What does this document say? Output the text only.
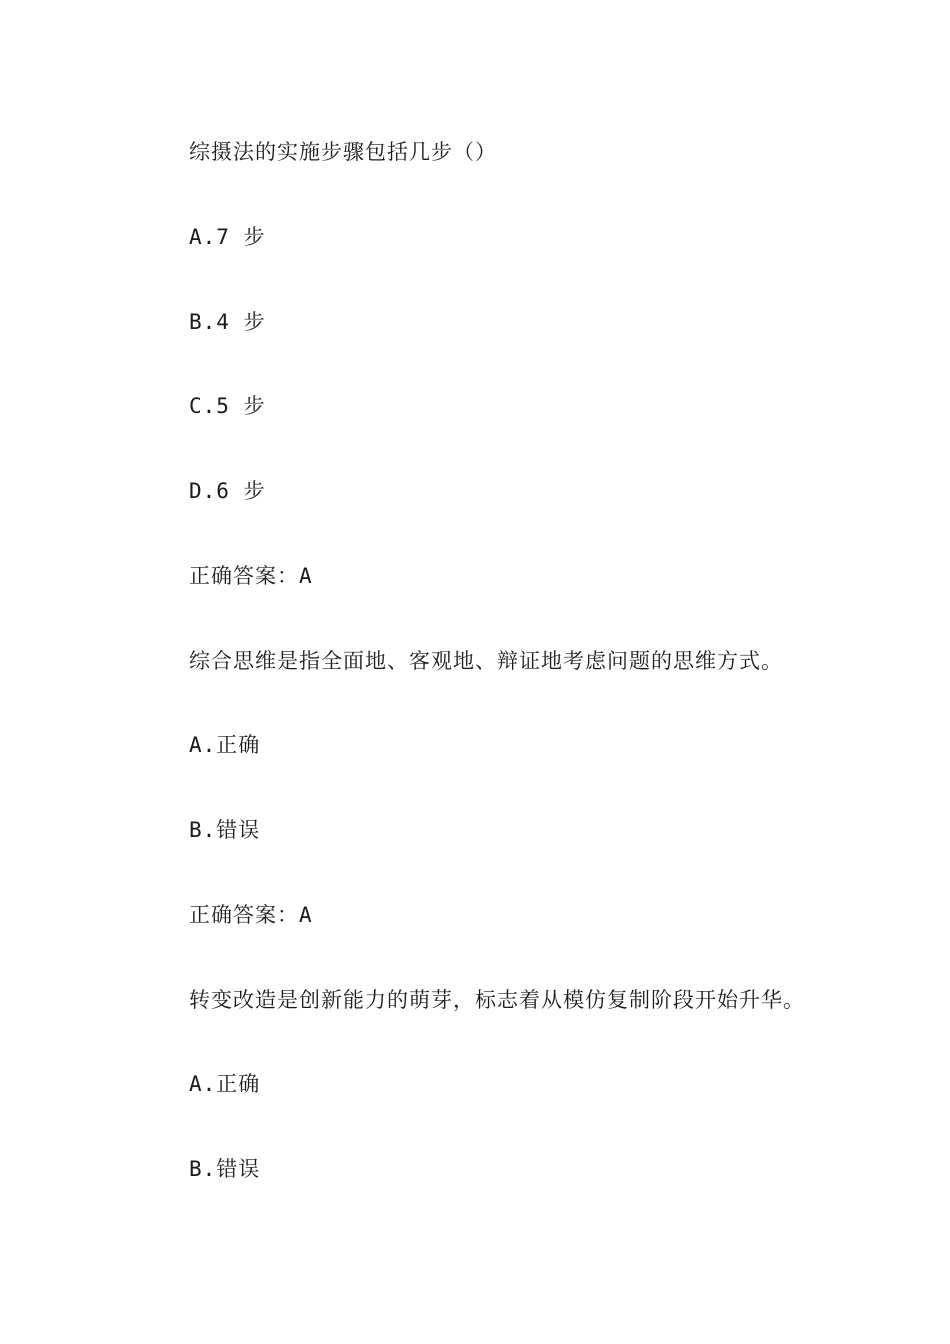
综摄法的实施步骤包括几步（）
A.7 步
B.4 步
C.5 步
D.6 步
正确答案：A
综合思维是指全面地、客观地、辩证地考虑问题的思维方式。
A.正确
B.错误
正确答案：A
转变改造是创新能力的萌芽，标志着从模仿复制阶段开始升华。
A.正确
B.错误
